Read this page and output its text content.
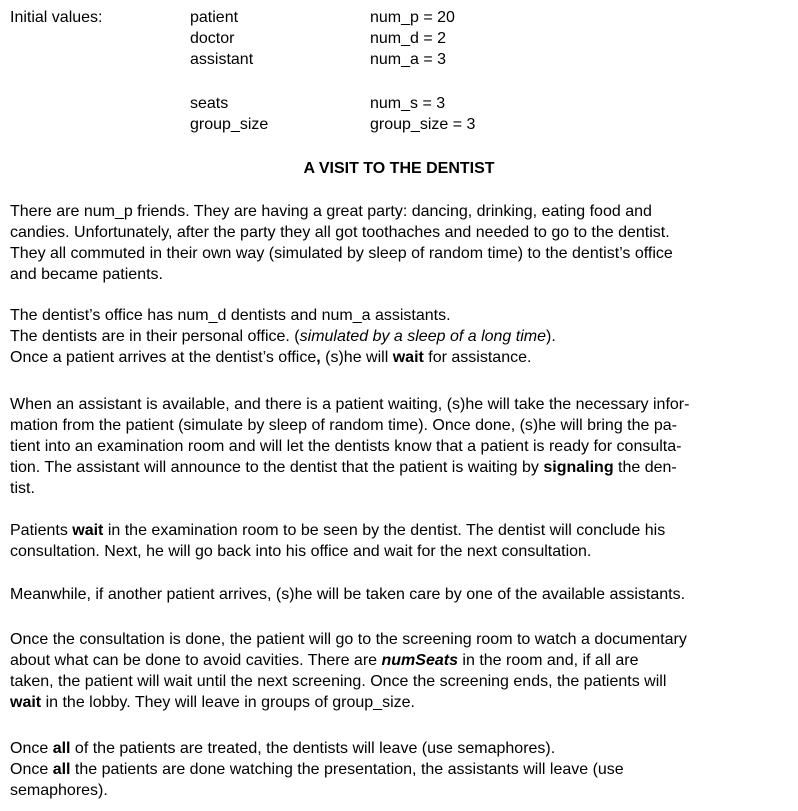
Initial values:	patient	num_p = 20
doctor	num_d = 2
assistant	num_a = 3
seats	num_s = 3
group_size	group_size = 3
A VISIT TO THE DENTIST
There are num_p friends. They are having a great party: dancing, drinking, eating food and
candies. Unfortunately, after the party they all got toothaches and needed to go to the dentist.
They all commuted in their own way (simulated by sleep of random time) to the dentist’s office
and became patients.
The dentist’s office has num_d dentists and num_a assistants.
The dentists are in their personal office. (simulated by a sleep of a long time).
Once a patient arrives at the dentist’s office, (s)he will wait for assistance.
When an assistant is available, and there is a patient waiting, (s)he will take the necessary infor-
mation from the patient (simulate by sleep of random time). Once done, (s)he will bring the pa-
tient into an examination room and will let the dentists know that a patient is ready for consulta-
tion. The assistant will announce to the dentist that the patient is waiting by signaling the den-
tist.
Patients wait in the examination room to be seen by the dentist. The dentist will conclude his
consultation. Next, he will go back into his office and wait for the next consultation.
Meanwhile, if another patient arrives, (s)he will be taken care by one of the available assistants.
Once the consultation is done, the patient will go to the screening room to watch a documentary
about what can be done to avoid cavities. There are numSeats in the room and, if all are
taken, the patient will wait until the next screening. Once the screening ends, the patients will
wait in the lobby. They will leave in groups of group_size.
Once all of the patients are treated, the dentists will leave (use semaphores).
Once all the patients are done watching the presentation, the assistants will leave (use
semaphores).
